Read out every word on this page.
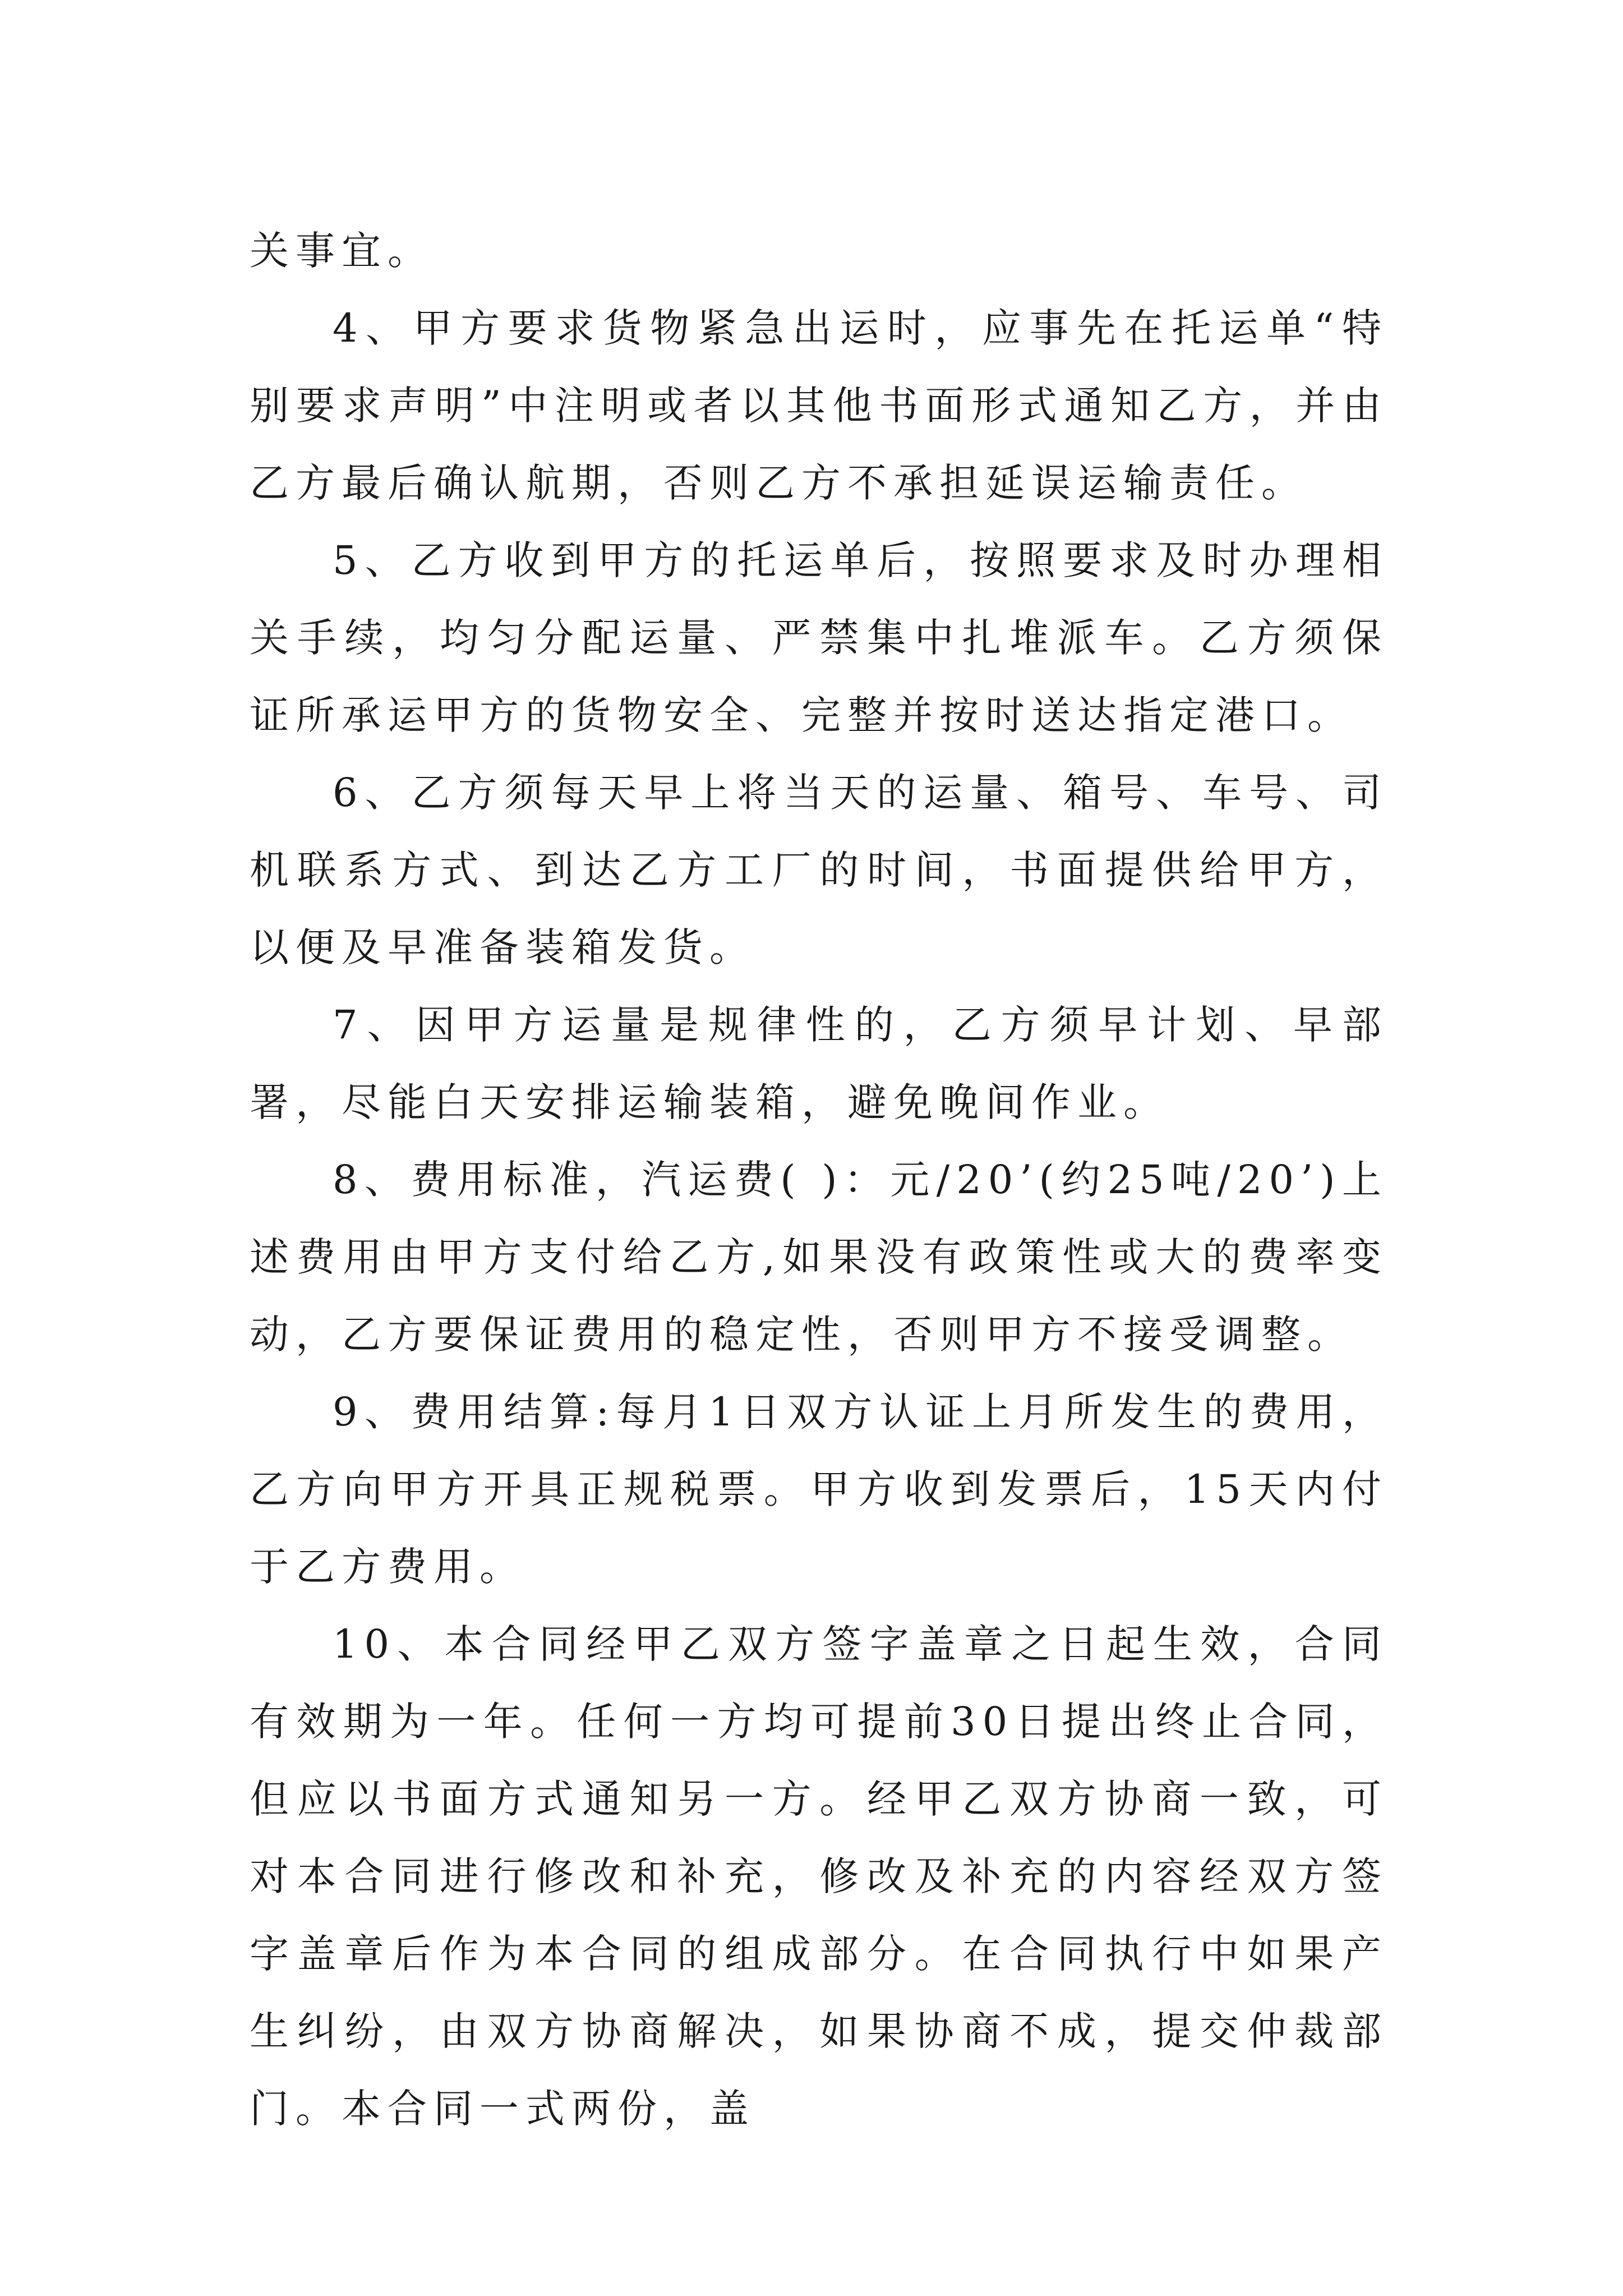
关事宜。

4、甲方要求货物紧急出运时，应事先在托运单“特别要求声明”中注明或者以其他书面形式通知乙方，并由乙方最后确认航期，否则乙方不承担延误运输责任。

5、乙方收到甲方的托运单后，按照要求及时办理相关手续，均匀分配运量、严禁集中扎堆派车。乙方须保证所承运甲方的货物安全、完整并按时送达指定港口。

6、乙方须每天早上将当天的运量、箱号、车号、司机联系方式、到达乙方工厂的时间，书面提供给甲方，以便及早准备装箱发货。

7、因甲方运量是规律性的，乙方须早计划、早部署，尽能白天安排运输装箱，避免晚间作业。

8、费用标准，汽运费( )：元/20’(约25吨/20’)上述费用由甲方支付给乙方,如果没有政策性或大的费率变动，乙方要保证费用的稳定性，否则甲方不接受调整。

9、费用结算:每月1日双方认证上月所发生的费用，乙方向甲方开具正规税票。甲方收到发票后，15天内付于乙方费用。

10、本合同经甲乙双方签字盖章之日起生效，合同有效期为一年。任何一方均可提前30日提出终止合同，但应以书面方式通知另一方。经甲乙双方协商一致，可对本合同进行修改和补充，修改及补充的内容经双方签字盖章后作为本合同的组成部分。在合同执行中如果产生纠纷，由双方协商解决，如果协商不成，提交仲裁部门。本合同一式两份，盖
